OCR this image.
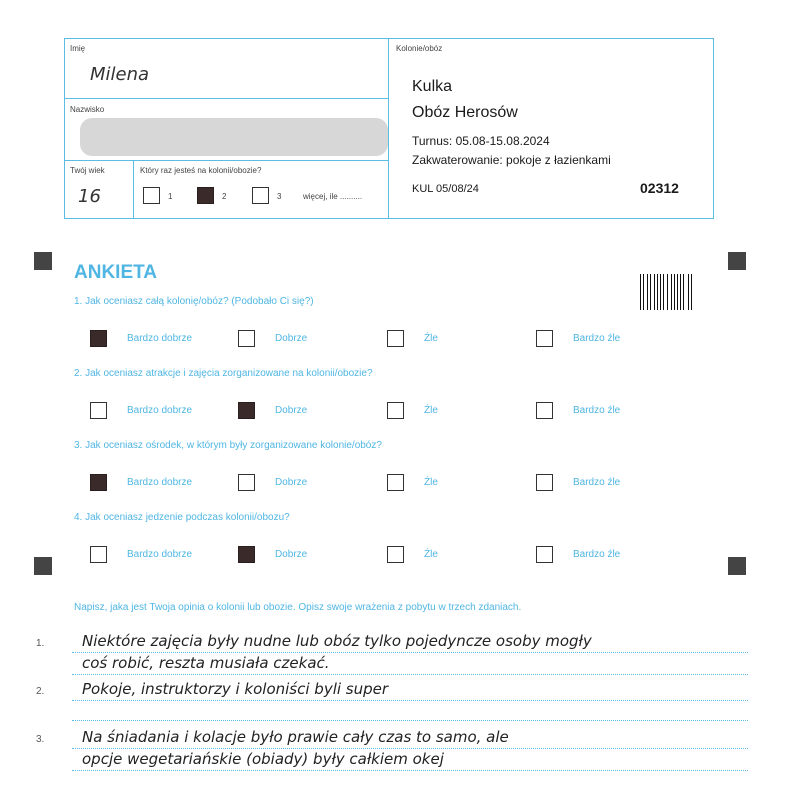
Imię
Milena
Nazwisko
Twój wiek
16
Który raz jesteś na kolonii/obozie?
1	2	3	więcej, ile ..........
Kolonie/obóz
Kulka
Obóz Herosów
Turnus: 05.08-15.08.2024
Zakwaterowanie: pokoje z łazienkami
KUL 05/08/24	02312
ANKIETA
1. Jak oceniasz całą kolonię/obóz? (Podobało Ci się?)
Bardzo dobrze	Dobrze	Źle	Bardzo źle
2. Jak oceniasz atrakcje i zajęcia zorganizowane na kolonii/obozie?
Bardzo dobrze	Dobrze	Źle	Bardzo źle
3. Jak oceniasz ośrodek, w którym były zorganizowane kolonie/obóz?
Bardzo dobrze	Dobrze	Źle	Bardzo źle
4. Jak oceniasz jedzenie podczas kolonii/obozu?
Bardzo dobrze	Dobrze	Źle	Bardzo źle
Napisz, jaka jest Twoja opinia o kolonii lub obozie. Opisz swoje wrażenia z pobytu w trzech zdaniach.
1.	Niektóre zajęcia były nudne lub obóz tylko pojedyncze osoby mogły
coś robić, reszta musiała czekać.
2.	Pokoje, instruktorzy i koloniści byli super
3.	Na śniadania i kolacje było prawie cały czas to samo, ale
opcje wegetariańskie (obiady) były całkiem okej
